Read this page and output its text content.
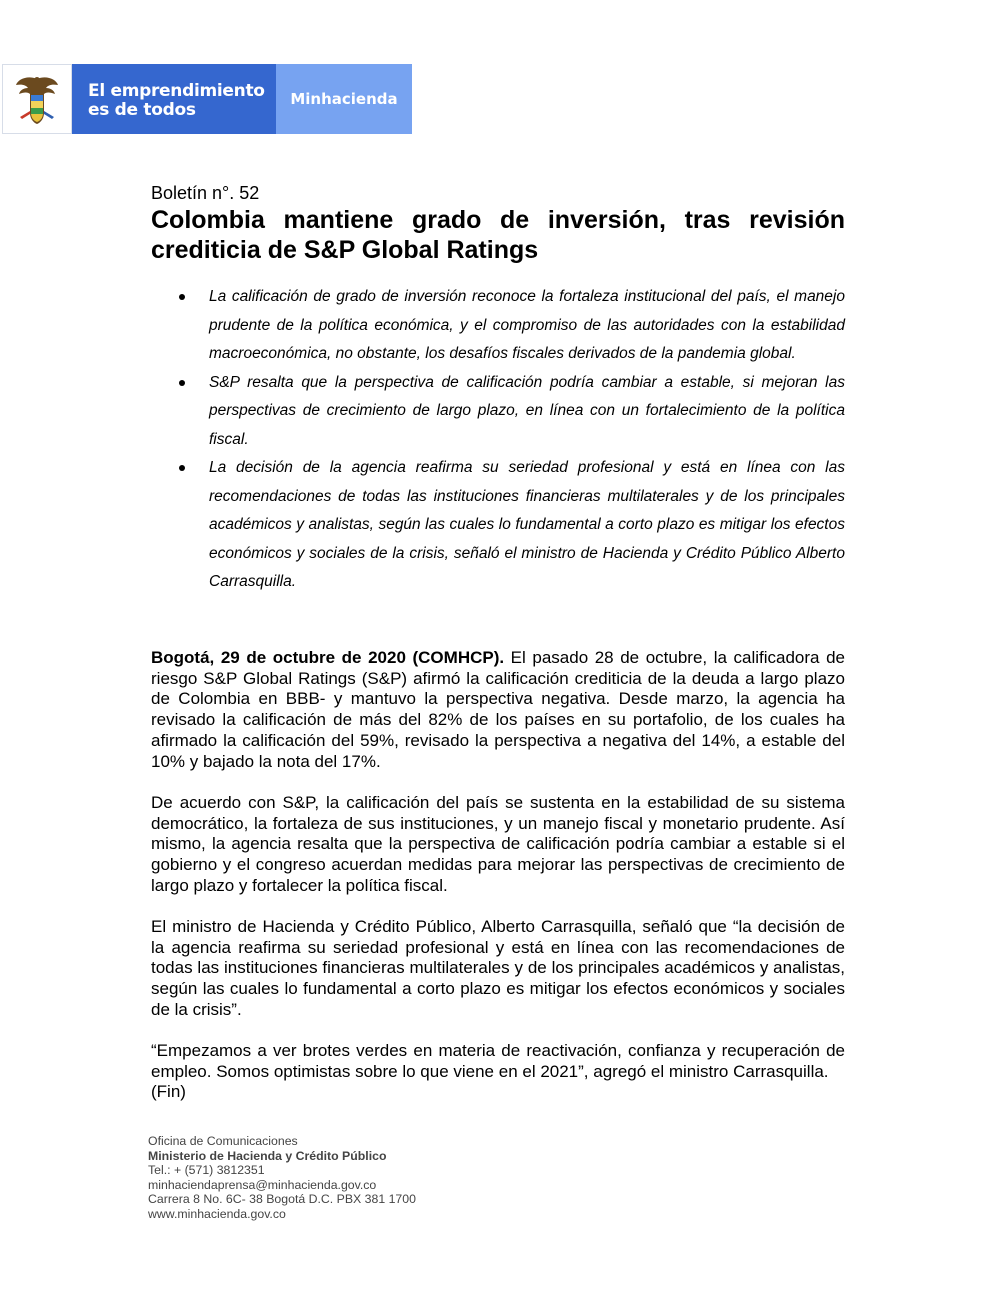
El emprendimiento
es de todos
Minhacienda
Boletín n°. 52
Colombia mantiene grado de inversión, tras revisión crediticia de S&P Global Ratings
La calificación de grado de inversión reconoce la fortaleza institucional del país, el manejo prudente de la política económica, y el compromiso de las autoridades con la estabilidad macroeconómica, no obstante, los desafíos fiscales derivados de la pandemia global.
S&P resalta que la perspectiva de calificación podría cambiar a estable, si mejoran las perspectivas de crecimiento de largo plazo, en línea con un fortalecimiento de la política fiscal.
La decisión de la agencia reafirma su seriedad profesional y está en línea con las recomendaciones de todas las instituciones financieras multilaterales y de los principales académicos y analistas, según las cuales lo fundamental a corto plazo es mitigar los efectos económicos y sociales de la crisis, señaló el ministro de Hacienda y Crédito Público Alberto Carrasquilla.

Bogotá, 29 de octubre de 2020 (COMHCP). El pasado 28 de octubre, la calificadora de riesgo S&P Global Ratings (S&P) afirmó la calificación crediticia de la deuda a largo plazo de Colombia en BBB- y mantuvo la perspectiva negativa. Desde marzo, la agencia ha revisado la calificación de más del 82% de los países en su portafolio, de los cuales ha afirmado la calificación del 59%, revisado la perspectiva a negativa del 14%, a estable del 10% y bajado la nota del 17%.

De acuerdo con S&P, la calificación del país se sustenta en la estabilidad de su sistema democrático, la fortaleza de sus instituciones, y un manejo fiscal y monetario prudente. Así mismo, la agencia resalta que la perspectiva de calificación podría cambiar a estable si el gobierno y el congreso acuerdan medidas para mejorar las perspectivas de crecimiento de largo plazo y fortalecer la política fiscal.

El ministro de Hacienda y Crédito Público, Alberto Carrasquilla, señaló que “la decisión de la agencia reafirma su seriedad profesional y está en línea con las recomendaciones de todas las instituciones financieras multilaterales y de los principales académicos y analistas, según las cuales lo fundamental a corto plazo es mitigar los efectos económicos y sociales de la crisis”.

“Empezamos a ver brotes verdes en materia de reactivación, confianza y recuperación de empleo. Somos optimistas sobre lo que viene en el 2021”, agregó el ministro Carrasquilla.
(Fin)
Oficina de Comunicaciones
Ministerio de Hacienda y Crédito Público
Tel.: + (571) 3812351
minhaciendaprensa@minhacienda.gov.co
Carrera 8 No. 6C- 38 Bogotá D.C. PBX 381 1700
www.minhacienda.gov.co
